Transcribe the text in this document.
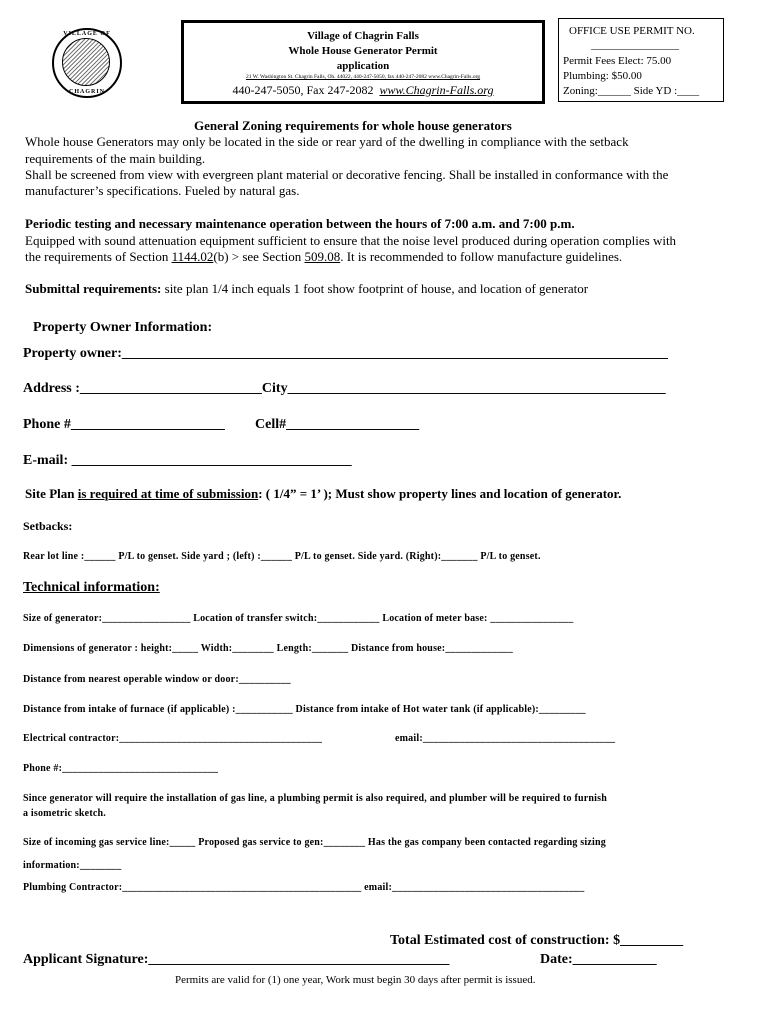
VILLAGE OF
CHAGRIN
Village of Chagrin Falls
Whole House Generator Permit
application
21 W. Washington St. Chagrin Falls, Oh. 44022, 440-247-5050, fax 440-247-2082 www.Chagrin-Falls.org
440-247-5050, Fax 247-2082 www.Chagrin-Falls.org
OFFICE USE PERMIT NO.
________________
Permit Fees Elect: 75.00
Plumbing: $50.00
Zoning:______ Side YD :____
General Zoning requirements for whole house generators
Whole house Generators may only be located in the side or rear yard of the dwelling in compliance with the setback
requirements of the main building.
Shall be screened from view with evergreen plant material or decorative fencing. Shall be installed in conformance with the
manufacturer’s specifications. Fueled by natural gas.
Periodic testing and necessary maintenance operation between the hours of 7:00 a.m. and 7:00 p.m.
Equipped with sound attenuation equipment sufficient to ensure that the noise level produced during operation complies with
the requirements of Section 1144.02(b) > see Section 509.08. It is recommended to follow manufacture guidelines.
Submittal requirements: site plan 1/4 inch equals 1 foot show footprint of house, and location of generator
Property Owner Information:
Property owner:______________________________________________________________________________
Address :__________________________City______________________________________________________
Phone #______________________ Cell#___________________
E-mail: ________________________________________
Site Plan is required at time of submission: ( 1/4” = 1’ ); Must show property lines and location of generator.
Setbacks:
Rear lot line :______ P/L to genset. Side yard ; (left) :______ P/L to genset. Side yard. (Right):_______ P/L to genset.
Technical information:
Size of generator:_________________ Location of transfer switch:____________ Location of meter base: ________________
Dimensions of generator : height:_____ Width:________ Length:_______ Distance from house:_____________
Distance from nearest operable window or door:__________
Distance from intake of furnace (if applicable) :___________ Distance from intake of Hot water tank (if applicable):_________
Electrical contractor:_______________________________________	email:_____________________________________
Phone #:______________________________
Since generator will require the installation of gas line, a plumbing permit is also required, and plumber will be required to furnish
a isometric sketch.
Size of incoming gas service line:_____ Proposed gas service to gen:________ Has the gas company been contacted regarding sizing
information:________
Plumbing Contractor:______________________________________________ email:_____________________________________
Total Estimated cost of construction: $_________
Applicant Signature:___________________________________________	Date:____________
Permits are valid for (1) one year, Work must begin 30 days after permit is issued.
